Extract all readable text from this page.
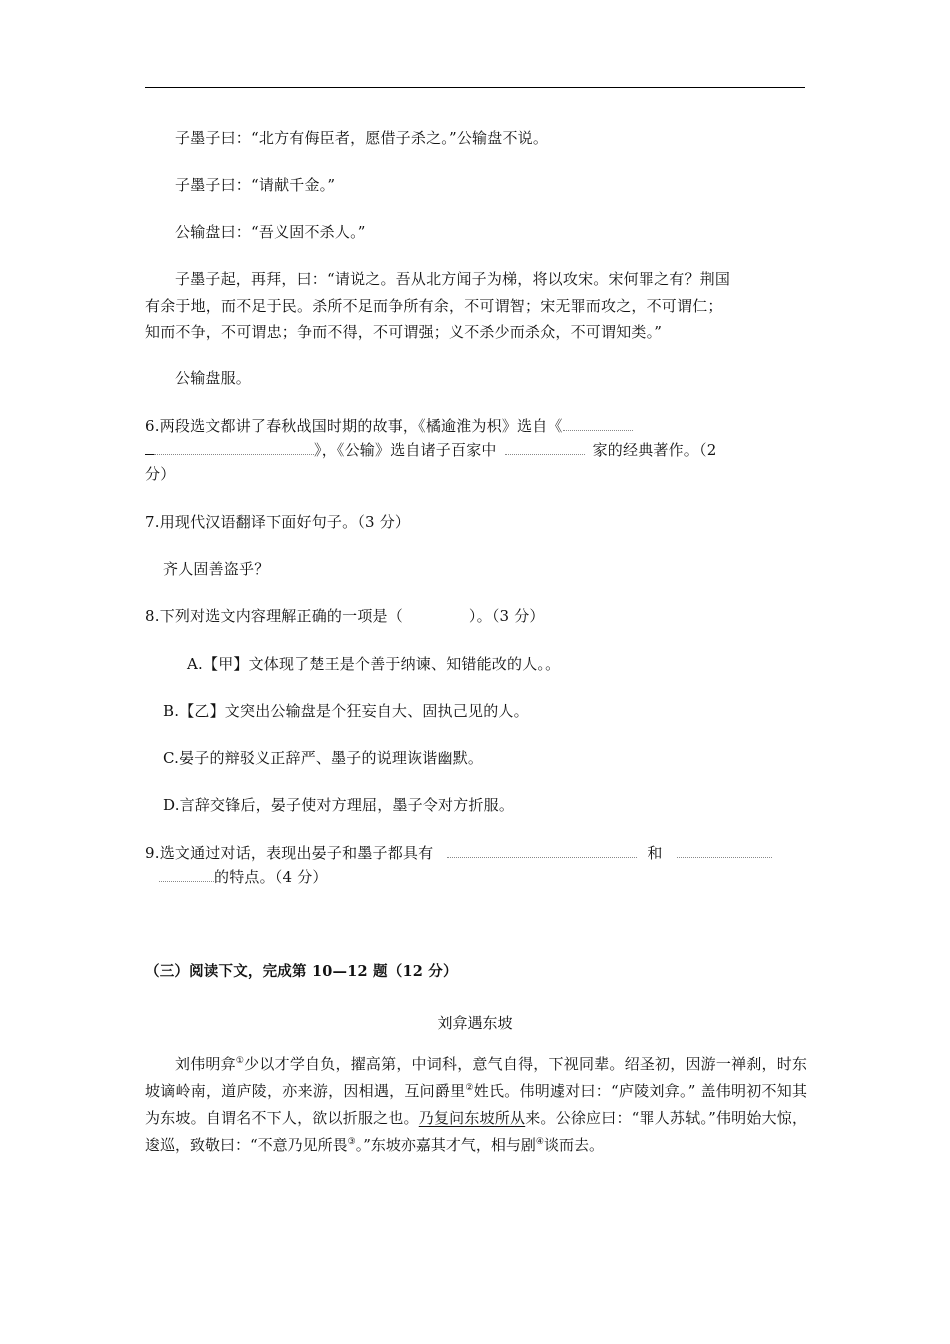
子墨子曰：“北方有侮臣者，愿借子杀之。”公输盘不说。
子墨子曰：“请献千金。”
公输盘曰：“吾义固不杀人。”
子墨子起，再拜，曰：“请说之。吾从北方闻子为梯，将以攻宋。宋何罪之有？荆国
有余于地，而不足于民。杀所不足而争所有余，不可谓智；宋无罪而攻之，不可谓仁；
知而不争，不可谓忠；争而不得，不可谓强；义不杀少而杀众，不可谓知类。”
公输盘服。
6.两段选文都讲了春秋战国时期的故事，《橘逾淮为枳》选自《
》，《公输》选自诸子百家中	家的经典著作。（2
分）
7.用现代汉语翻译下面好句子。（3 分）
齐人固善盗乎？
8.下列对选文内容理解正确的一项是（	）。（3 分）
A.【甲】文体现了楚王是个善于纳谏、知错能改的人。。
B.【乙】文突出公输盘是个狂妄自大、固执己见的人。
C.晏子的辩驳义正辞严、墨子的说理诙谐幽默。
D.言辞交锋后，晏子使对方理屈，墨子令对方折服。
9.选文通过对话，表现出晏子和墨子都具有	和
的特点。（4 分）
（三）阅读下文，完成第 10—12 题（12 分）
刘弇遇东坡
刘伟明弇①少以才学自负，擢高第，中词科，意气自得，下视同辈。绍圣初，因游一禅刹，时东坡谪岭南，道庐陵，亦来游，因相遇，互问爵里②姓氏。伟明遽对曰：“庐陵刘弇。” 盖伟明初不知其为东坡。自谓名不下人，欲以折服之也。乃复问东坡所从来。公徐应曰：“罪人苏轼。”伟明始大惊，逡巡，致敬曰：“不意乃见所畏③。”东坡亦嘉其才气，相与剧④谈而去。
